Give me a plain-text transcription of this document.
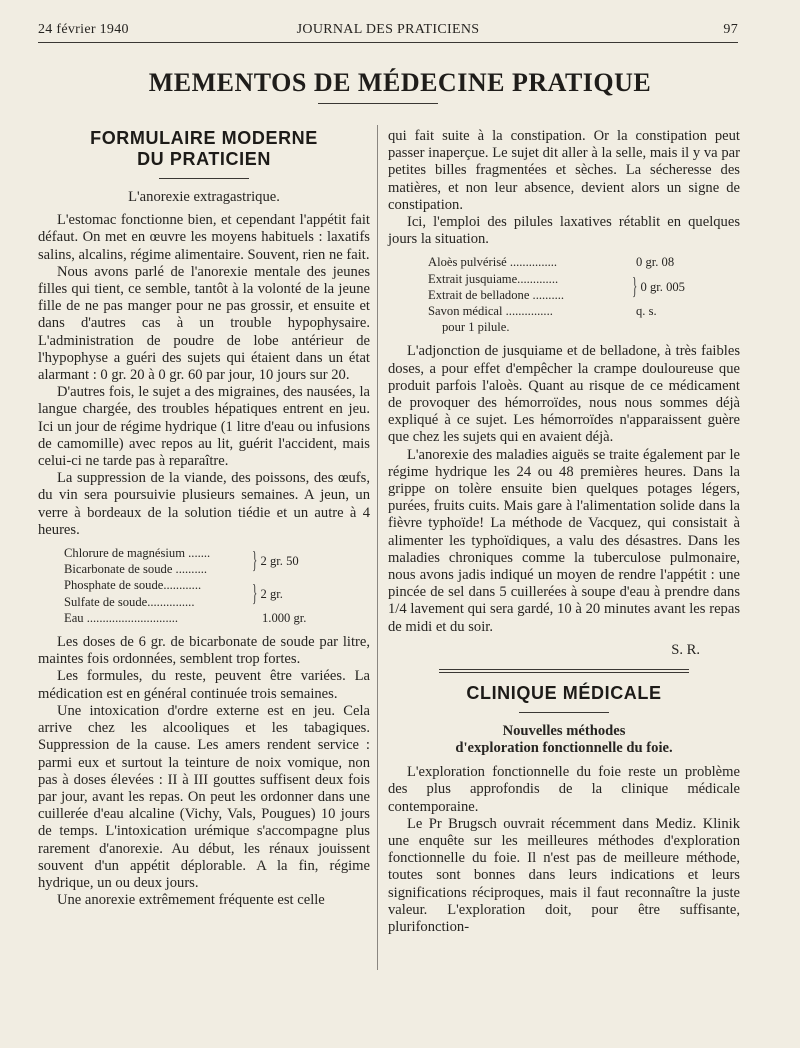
24 février 1940	JOURNAL DES PRATICIENS	97
MEMENTOS DE MÉDECINE PRATIQUE
FORMULAIRE MODERNE
DU PRATICIEN
L'anorexie extragastrique.

L'estomac fonctionne bien, et cependant l'appétit fait défaut. On met en œuvre les moyens habituels : laxatifs salins, alcalins, régime alimentaire. Souvent, rien ne fait.

Nous avons parlé de l'anorexie mentale des jeunes filles qui tient, ce semble, tantôt à la volonté de la jeune fille de ne pas manger pour ne pas grossir, et ensuite et dans d'autres cas à un trouble hypophysaire. L'administration de poudre de lobe antérieur de l'hypophyse a guéri des sujets qui étaient dans un état alarmant : 0 gr. 20 à 0 gr. 60 par jour, 10 jours sur 20.

D'autres fois, le sujet a des migraines, des nausées, la langue chargée, des troubles hépatiques entrent en jeu. Ici un jour de régime hydrique (1 litre d'eau ou infusions de camomille) avec repos au lit, guérit l'accident, mais celui-ci ne tarde pas à reparaître.

La suppression de la viande, des poissons, des œufs, du vin sera poursuivie plusieurs semaines. A jeun, un verre à bordeaux de la solution tiédie et un autre à 4 heures.

Chlorure de magnésium .......
Bicarbonate de soude ..........	} 2 gr. 50
Phosphate de soude............
Sulfate de soude...............	} 2 gr.
Eau .............................	1.000 gr.

Les doses de 6 gr. de bicarbonate de soude par litre, maintes fois ordonnées, semblent trop fortes.

Les formules, du reste, peuvent être variées. La médication est en général continuée trois semaines.

Une intoxication d'ordre externe est en jeu. Cela arrive chez les alcooliques et les tabagiques. Suppression de la cause. Les amers rendent service : parmi eux et surtout la teinture de noix vomique, non pas à doses élevées : II à III gouttes suffisent deux fois par jour, avant les repas. On peut les ordonner dans une cuillerée d'eau alcaline (Vichy, Vals, Pougues) 10 jours de temps. L'intoxication urémique s'accompagne plus rarement d'anorexie. Au début, les rénaux jouissent souvent d'un appétit déplorable. A la fin, régime hydrique, un ou deux jours.

Une anorexie extrêmement fréquente est celle

qui fait suite à la constipation. Or la constipation peut passer inaperçue. Le sujet dit aller à la selle, mais il y va par petites billes fragmentées et sèches. La sécheresse des matières, et non leur absence, devient alors un signe de constipation.

Ici, l'emploi des pilules laxatives rétablit en quelques jours la situation.

Aloès pulvérisé ...............	0 gr. 08
Extrait jusquiame.............
Extrait de belladone ..........	} 0 gr. 005
Savon médical ...............	q. s.
pour 1 pilule.

L'adjonction de jusquiame et de belladone, à très faibles doses, a pour effet d'empêcher la crampe douloureuse que produit parfois l'aloès. Quant au risque de ce médicament de provoquer des hémorroïdes, nous nous sommes déjà expliqué à ce sujet. Les hémorroïdes n'apparaissent guère que chez les sujets qui en avaient déjà.

L'anorexie des maladies aiguës se traite également par le régime hydrique les 24 ou 48 premières heures. Dans la grippe on tolère ensuite bien quelques potages légers, purées, fruits cuits. Mais gare à l'alimentation solide dans la fièvre typhoïde! La méthode de Vacquez, qui consistait à alimenter les typhoïdiques, a valu des désastres. Dans les maladies chroniques comme la tuberculose pulmonaire, nous avons jadis indiqué un moyen de rendre l'appétit : une pincée de sel dans 5 cuillerées à soupe d'eau à prendre dans 1/4 lavement qui sera gardé, 10 à 20 minutes avant les repas de midi et du soir.

S. R.
CLINIQUE MÉDICALE
Nouvelles méthodes
d'exploration fonctionnelle du foie.

L'exploration fonctionnelle du foie reste un problème des plus approfondis de la clinique médicale contemporaine.

Le Pr Brugsch ouvrait récemment dans Mediz. Klinik une enquête sur les meilleures méthodes d'exploration fonctionnelle du foie. Il n'est pas de meilleure méthode, toutes sont bonnes dans leurs indications et leurs significations réciproques, mais il faut reconnaître la juste valeur. L'exploration doit, pour être suffisante, plurifonction-
